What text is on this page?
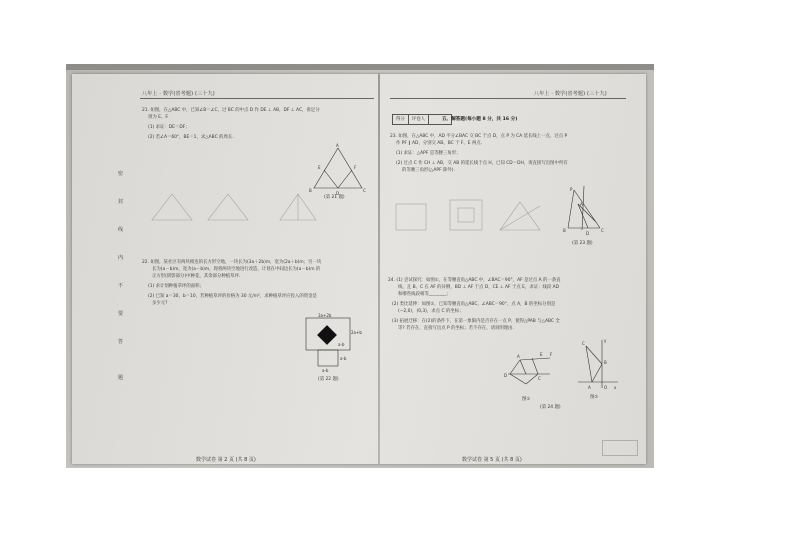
八年上 · 数学(省考题) (三十九)	八年上 · 数学(省考题) (三十九)
密
封
线
内
不
要
答
题
21. 如图，在△ABC 中，已知∠B＝∠C，过 BC 的中点 D 作 DE ⊥ AB，DF ⊥ AC，垂足分
别为 E、F.
(1) 求证：DE＝DF；
(2) 若∠A＝60°，BE＝1，求△ABC 的周长.
A
E	F
B
D
C
(第 21 题)
22. 如图，某社区有两块相连的长方形空地，一块长为(3a＋2b)m，宽为(2a＋b)m；另一块
长为(a－b)m，宽为(a－b)m，现将两块空地进行改造，计划在中间边长为(a－b)m 的
正方形(阴影部分)中种花，其余部分种植草坪.
(1) 求计划种植草坪的面积；
(2) 已知 a＝30，b＝10，若种植草坪的价格为 30 元/m²，求种植草坪应投入的资金是
多少元?
3a+2b
2a+b
a-b
a-b
a-b
(第 22 题)
数学试卷 第 2 页 (共 8 页)
得分	评卷人	五、解答题(每小题 8 分，共 16 分)
23. 如图，在△ABC 中，AD 平分∠BAC 交 BC 于点 D，点 P 为 CA 延长线上一点，过点 P
作 PF ∥ AD，分别交 AB、BC 于 F、E 两点.
(1) 求证：△APF 是等腰三角形；
(2) 过点 C 作 CH ⊥ AB，交 AB 的延长线于点 H，已知 CD＝DH，请直接写出图中所有
的等腰三角形(△APF 除外).
P
A
B
D
C
(第 23 题)
24. (1) 尝试探究：如图①，在等腰直角△ABC 中，∠BAC＝90°，AF 是过点 A 的一条直
线，且 B、C 在 AF 的异侧，BD ⊥ AF 于点 D，CE ⊥ AF 于点 E，求证：线段 AD
和哪些线段相等________；
(2) 类比延伸：如图②，已知等腰直角△ABC，∠ABC＝90°，点 A，B 的坐标分别是
(−2,0)，(0,3)，求点 C 的坐标；
(3) 拓展迁移：在(2)的条件下，在第一象限内是否存在一点 P，使得△PAB 与△ABC 全
等? 若存在，直接写出点 P 的坐标；若不存在，请说明理由.
D
A	E F
C
图①
C
y
B
A	O x
图②
(第 24 题)
数学试卷 第 5 页 (共 8 页)
